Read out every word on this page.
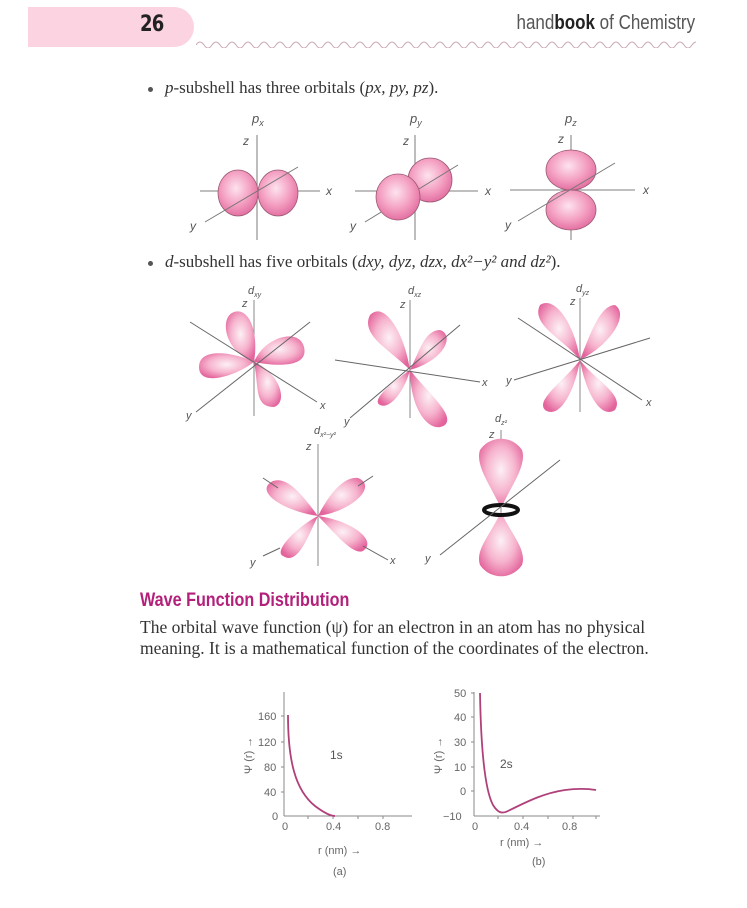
26	handbook of Chemistry
p-subshell has three orbitals (px, py, pz).
$p_x$
z
x
y
$p_y$
z
x
y
$p_z$
z
x
y
d-subshell has five orbitals (dxy, dyz, dzx, dx²−y² and dz²).
$d_{xy}$
z
x
y
$d_{xz}$
z
x
y
$d_{yz}$
z
x
y
$d_{x^2-y^2}$
z
x
y
$d_{z^2}$
z
y
Wave Function Distribution
The orbital wave function (ψ) for an electron in an atom has no physical meaning. It is a mathematical function of the coordinates of the electron.
160
120
80
40
0
0	0.4	0.8
1s
Ψ (r) →
r (nm) →
(a)
50
40
30
10
0
−10
0	0.4	0.8
2s
Ψ (r) →
r (nm) →
(b)
